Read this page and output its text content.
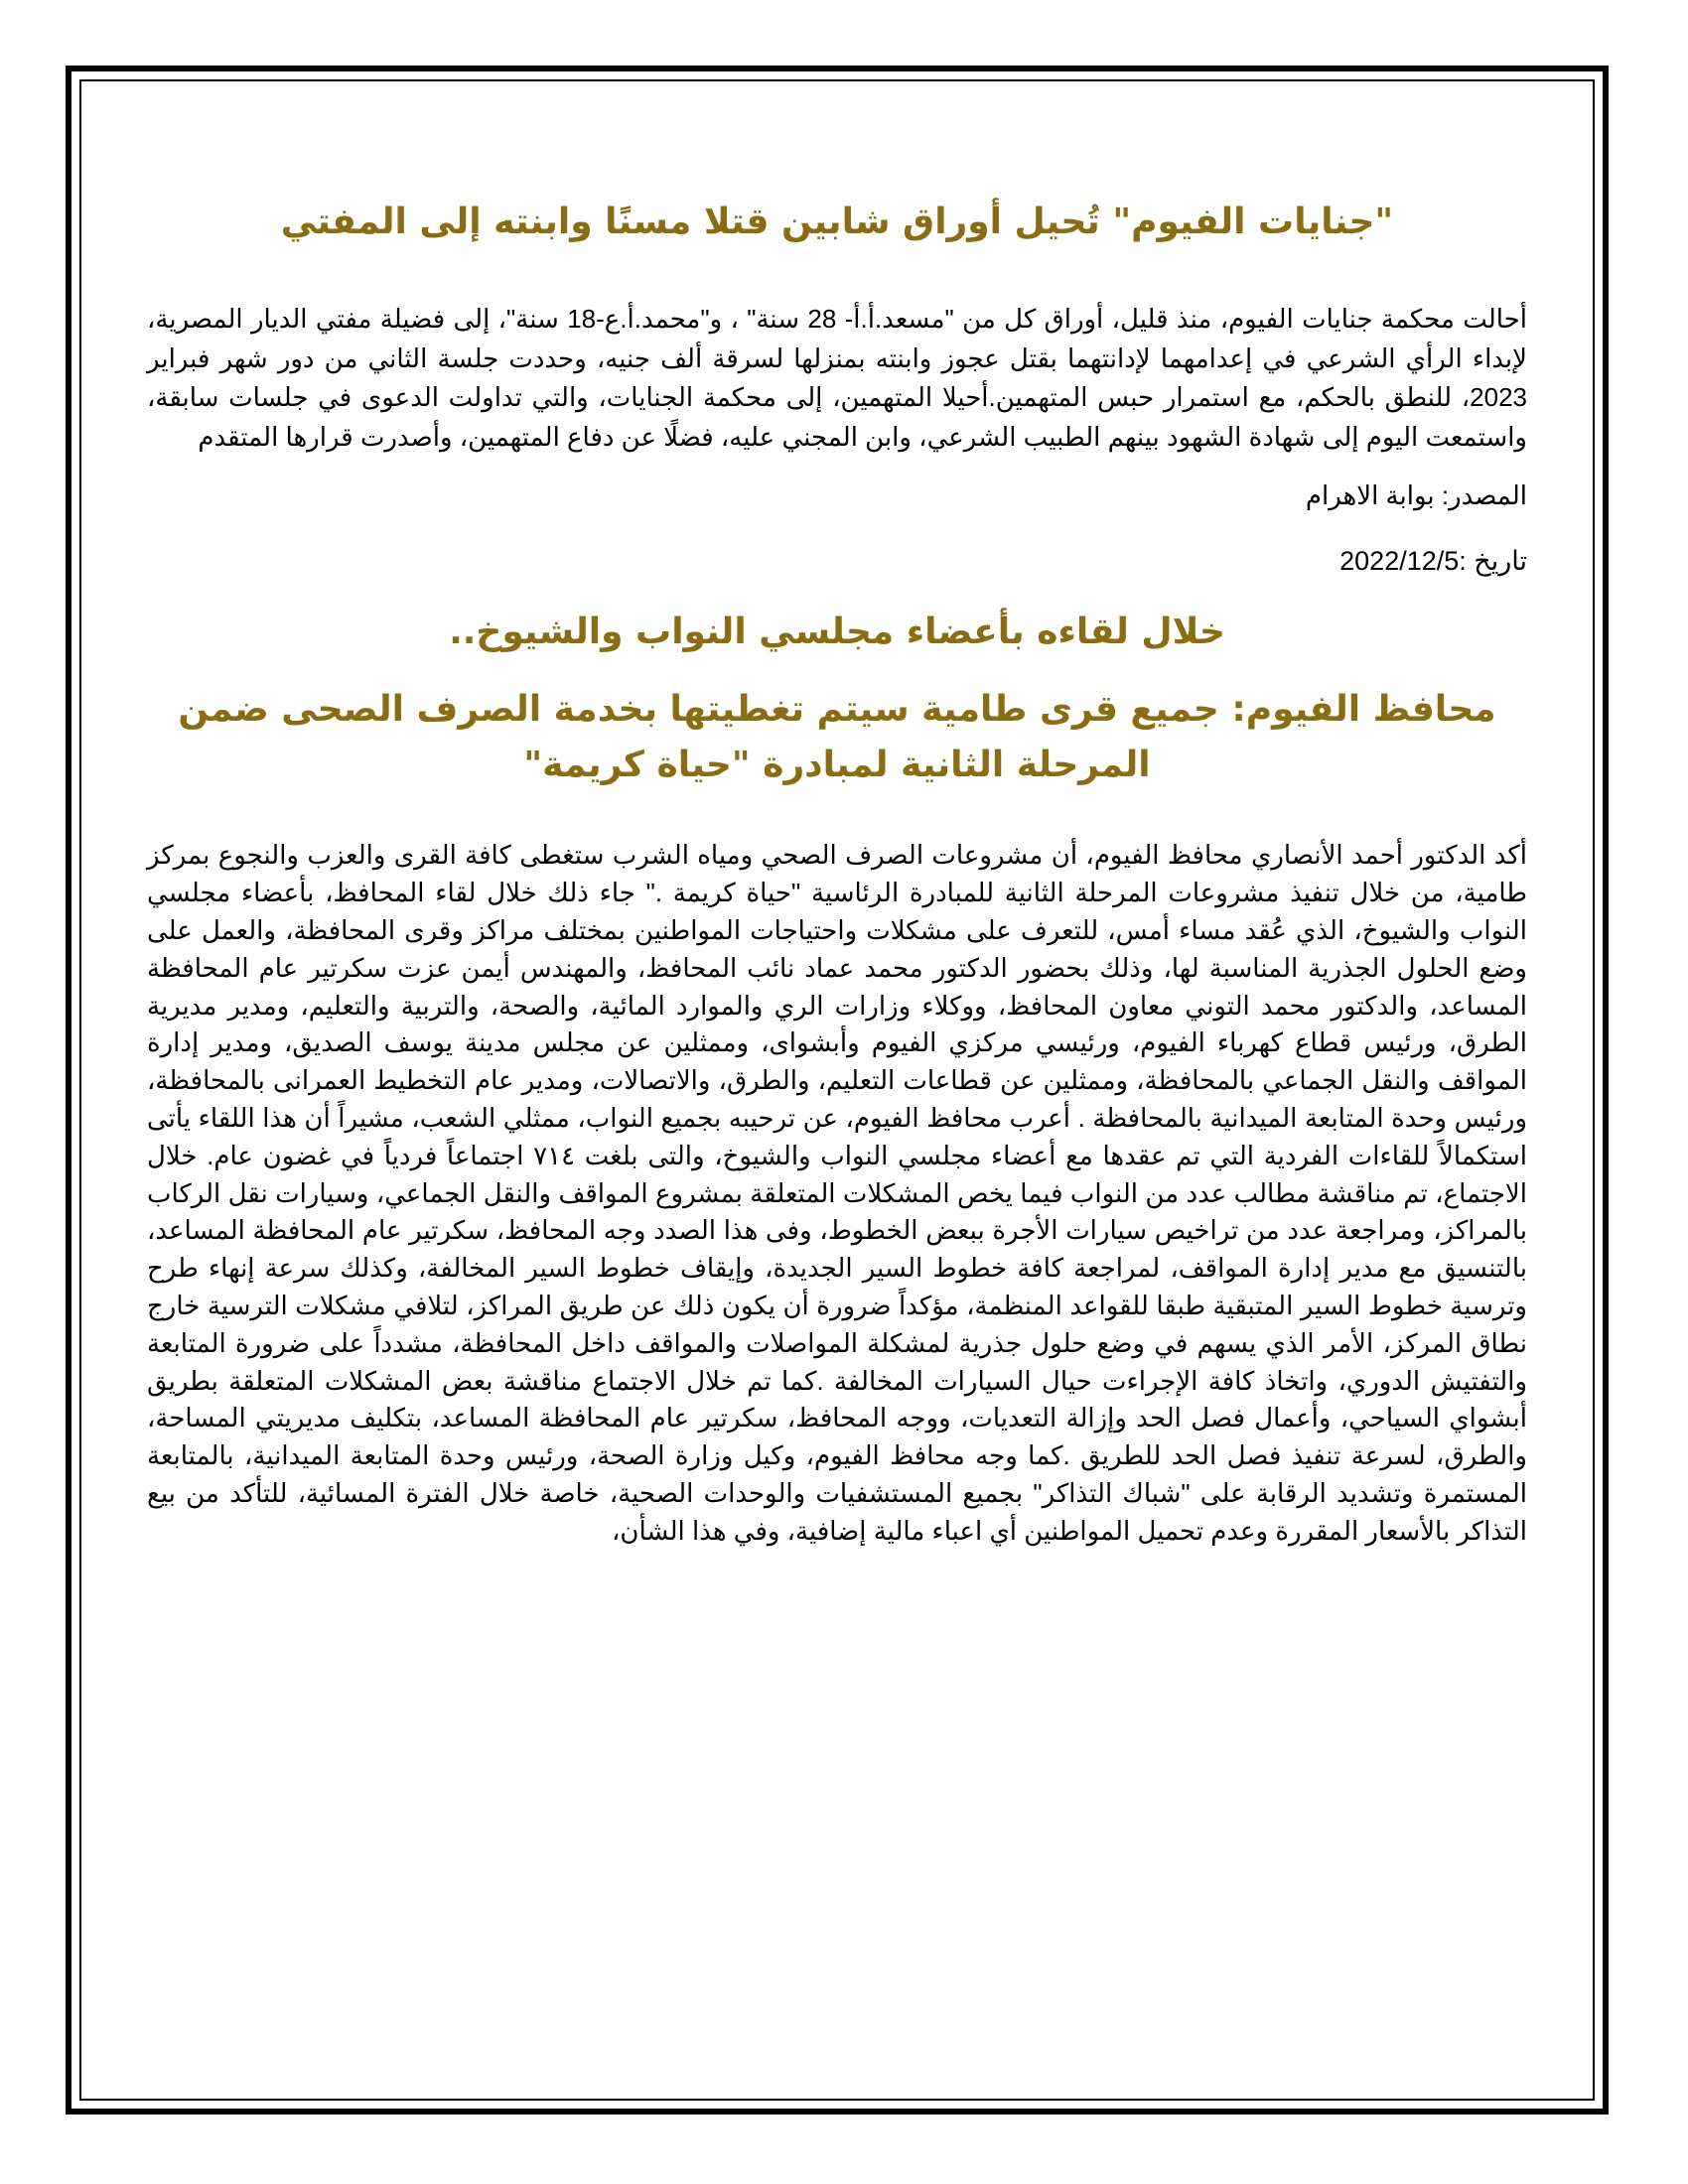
"جنايات الفيوم" تُحيل أوراق شابين قتلا مسنًا وابنته إلى المفتي

أحالت محكمة جنايات الفيوم، منذ قليل، أوراق كل من "مسعد.أ.أ- 28 سنة" ، و"محمد.أ.ع-18 سنة"، إلى فضيلة مفتي الديار المصرية، لإبداء الرأي الشرعي في إعدامهما لإدانتهما بقتل عجوز وابنته بمنزلها لسرقة ألف جنيه، وحددت جلسة الثاني من دور شهر فبراير 2023، للنطق بالحكم، مع استمرار حبس المتهمين.أحيلا المتهمين، إلى محكمة الجنايات، والتي تداولت الدعوى في جلسات سابقة، واستمعت اليوم إلى شهادة الشهود بينهم الطبيب الشرعي، وابن المجني عليه، فضلًا عن دفاع المتهمين، وأصدرت قرارها المتقدم

المصدر: بوابة الاهرام

تاريخ :2022/12/5

خلال لقاءه بأعضاء مجلسي النواب والشيوخ..
محافظ الفيوم: جميع قرى طامية سيتم تغطيتها بخدمة الصرف الصحى ضمن المرحلة الثانية لمبادرة "حياة كريمة"

أكد الدكتور أحمد الأنصاري محافظ الفيوم، أن مشروعات الصرف الصحي ومياه الشرب ستغطى كافة القرى والعزب والنجوع بمركز طامية، من خلال تنفيذ مشروعات المرحلة الثانية للمبادرة الرئاسية "حياة كريمة ." جاء ذلك خلال لقاء المحافظ، بأعضاء مجلسي النواب والشيوخ، الذي عُقد مساء أمس، للتعرف على مشكلات واحتياجات المواطنين بمختلف مراكز وقرى المحافظة، والعمل على وضع الحلول الجذرية المناسبة لها، وذلك بحضور الدكتور محمد عماد نائب المحافظ، والمهندس أيمن عزت سكرتير عام المحافظة المساعد، والدكتور محمد التوني معاون المحافظ، ووكلاء وزارات الري والموارد المائية، والصحة، والتربية والتعليم، ومدير مديرية الطرق، ورئيس قطاع كهرباء الفيوم، ورئيسي مركزي الفيوم وأبشواى، وممثلين عن مجلس مدينة يوسف الصديق، ومدير إدارة المواقف والنقل الجماعي بالمحافظة، وممثلين عن قطاعات التعليم، والطرق، والاتصالات، ومدير عام التخطيط العمرانى بالمحافظة، ورئيس وحدة المتابعة الميدانية بالمحافظة . أعرب محافظ الفيوم، عن ترحيبه بجميع النواب، ممثلي الشعب، مشيراً أن هذا اللقاء يأتى استكمالاً للقاءات الفردية التي تم عقدها مع أعضاء مجلسي النواب والشيوخ، والتى بلغت ٧١٤ اجتماعاً فردياً في غضون عام. خلال الاجتماع، تم مناقشة مطالب عدد من النواب فيما يخص المشكلات المتعلقة بمشروع المواقف والنقل الجماعي، وسيارات نقل الركاب بالمراكز، ومراجعة عدد من تراخيص سيارات الأجرة ببعض الخطوط، وفى هذا الصدد وجه المحافظ، سكرتير عام المحافظة المساعد، بالتنسيق مع مدير إدارة المواقف، لمراجعة كافة خطوط السير الجديدة، وإيقاف خطوط السير المخالفة، وكذلك سرعة إنهاء طرح وترسية خطوط السير المتبقية طبقا للقواعد المنظمة، مؤكداً ضرورة أن يكون ذلك عن طريق المراكز، لتلافي مشكلات الترسية خارج نطاق المركز، الأمر الذي يسهم في وضع حلول جذرية لمشكلة المواصلات والمواقف داخل المحافظة، مشدداً على ضرورة المتابعة والتفتيش الدوري، واتخاذ كافة الإجراءت حيال السيارات المخالفة .كما تم خلال الاجتماع مناقشة بعض المشكلات المتعلقة بطريق أبشواي السياحي، وأعمال فصل الحد وإزالة التعديات، ووجه المحافظ، سكرتير عام المحافظة المساعد، بتكليف مديريتي المساحة، والطرق، لسرعة تنفيذ فصل الحد للطريق .كما وجه محافظ الفيوم، وكيل وزارة الصحة، ورئيس وحدة المتابعة الميدانية، بالمتابعة المستمرة وتشديد الرقابة على "شباك التذاكر" بجميع المستشفيات والوحدات الصحية، خاصة خلال الفترة المسائية، للتأكد من بيع التذاكر بالأسعار المقررة وعدم تحميل المواطنين أي اعباء مالية إضافية، وفي هذا الشأن،
